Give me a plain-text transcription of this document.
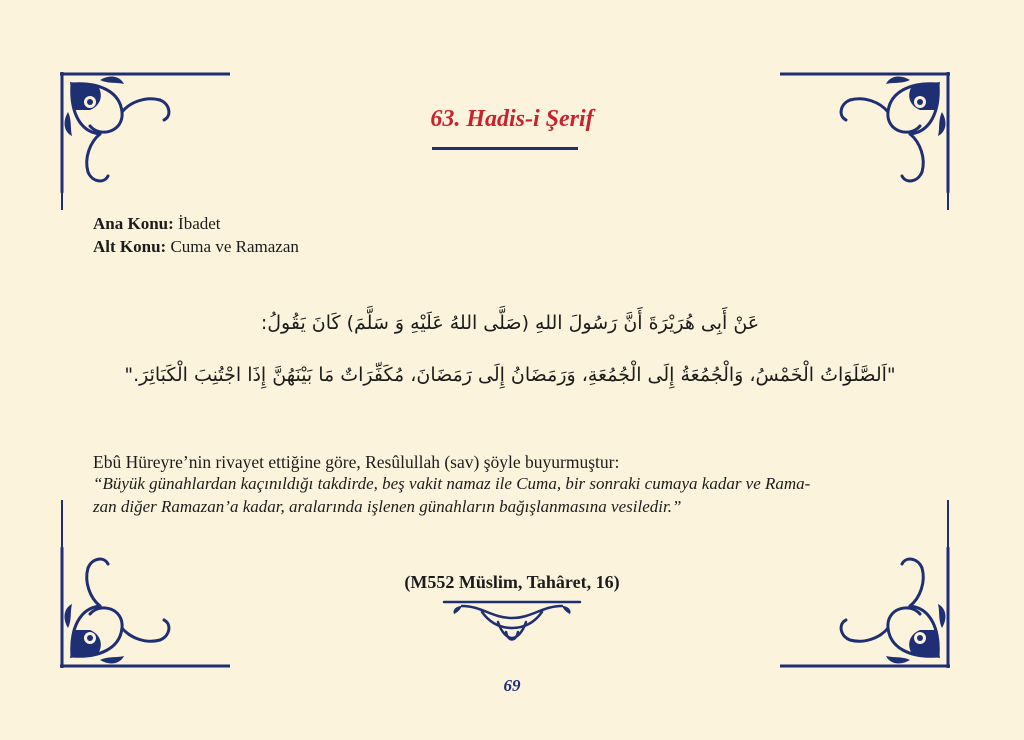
63. Hadis-i Şerif
Ana Konu: İbadet
Alt Konu: Cuma ve Ramazan
عَنْ أَبِى هُرَيْرَةَ أَنَّ رَسُولَ اللهِ (صَلَّى اللهُ عَلَيْهِ وَ سَلَّمَ) كَانَ يَقُولُ:
"اَلصَّلَوَاتُ الْخَمْسُ، وَالْجُمُعَةُ إِلَى الْجُمُعَةِ، وَرَمَضَانُ إِلَى رَمَضَانَ، مُكَفِّرَاتٌ مَا بَيْنَهُنَّ إِذَا اجْتُنِبَ الْكَبَائِرَ."
Ebû Hüreyre’nin rivayet ettiğine göre, Resûlullah (sav) şöyle buyurmuştur:
“Büyük günahlardan kaçınıldığı takdirde, beş vakit namaz ile Cuma, bir sonraki cumaya kadar ve Rama-
zan diğer Ramazan’a kadar, aralarında işlenen günahların bağışlanmasına vesiledir.”
(M552 Müslim, Tahâret, 16)
69
